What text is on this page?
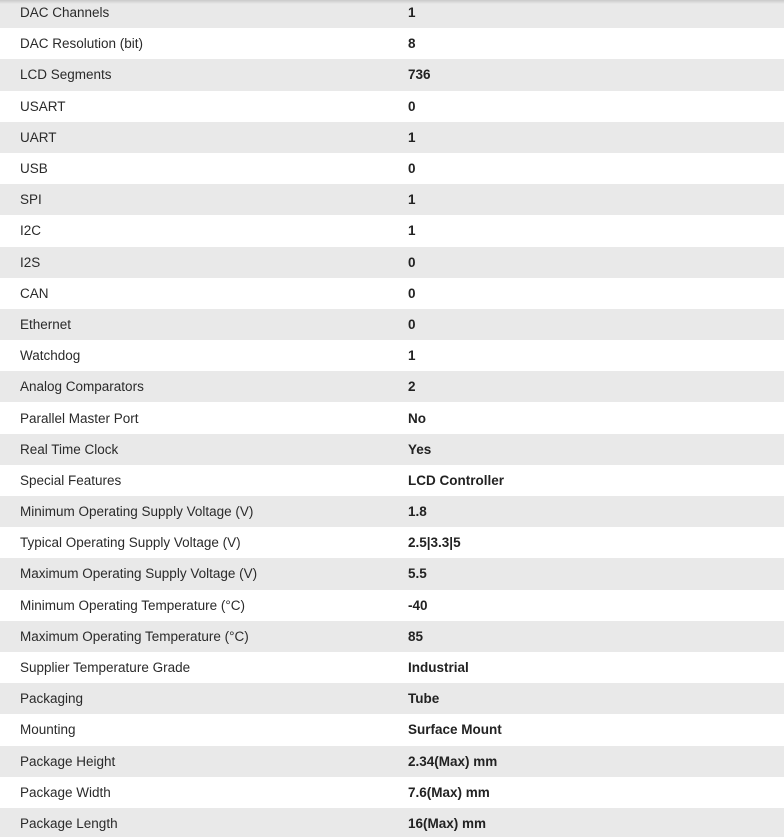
DAC Channels	1
DAC Resolution (bit)	8
LCD Segments	736
USART	0
UART	1
USB	0
SPI	1
I2C	1
I2S	0
CAN	0
Ethernet	0
Watchdog	1
Analog Comparators	2
Parallel Master Port	No
Real Time Clock	Yes
Special Features	LCD Controller
Minimum Operating Supply Voltage (V)	1.8
Typical Operating Supply Voltage (V)	2.5|3.3|5
Maximum Operating Supply Voltage (V)	5.5
Minimum Operating Temperature (°C)	-40
Maximum Operating Temperature (°C)	85
Supplier Temperature Grade	Industrial
Packaging	Tube
Mounting	Surface Mount
Package Height	2.34(Max) mm
Package Width	7.6(Max) mm
Package Length	16(Max) mm
